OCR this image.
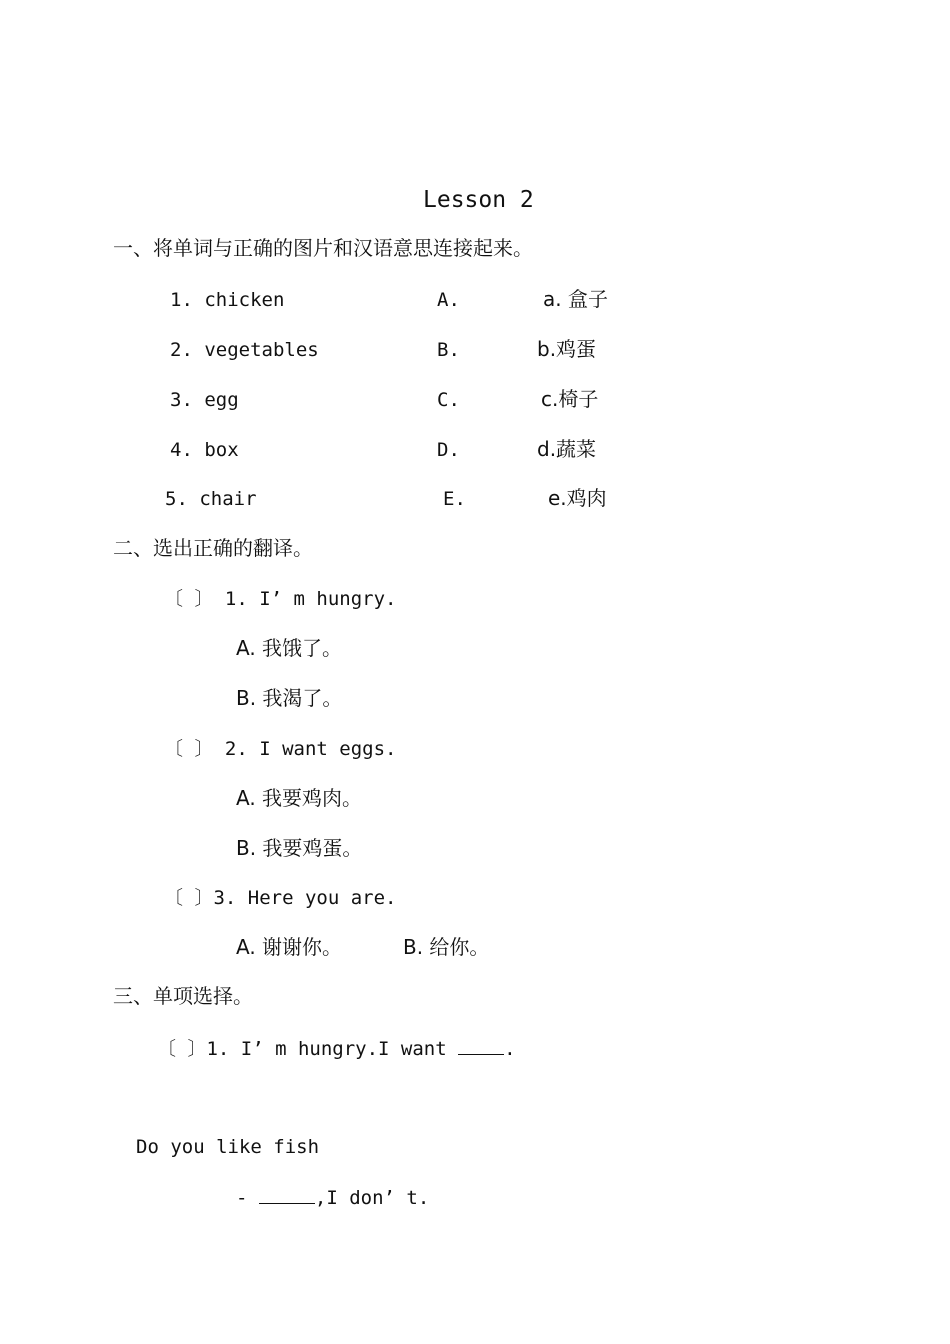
Lesson 2
一、将单词与正确的图片和汉语意思连接起来。
1. chicken	A.	a. 盒子
2. vegetables	B.	b.鸡蛋
3. egg	C.	c.椅子
4. box	D.	d.蔬菜
5. chair	E.	e.鸡肉
二、选出正确的翻译。
〔 〕 1. I’ m hungry.
A. 我饿了。
B. 我渴了。
〔 〕 2. I want eggs.
A. 我要鸡肉。
B. 我要鸡蛋。
〔 〕3. Here you are.
A. 谢谢你。	B. 给你。
三、单项选择。
〔 〕1. I’ m hungry.I want .
Do you like fish
-	,I don’ t.
